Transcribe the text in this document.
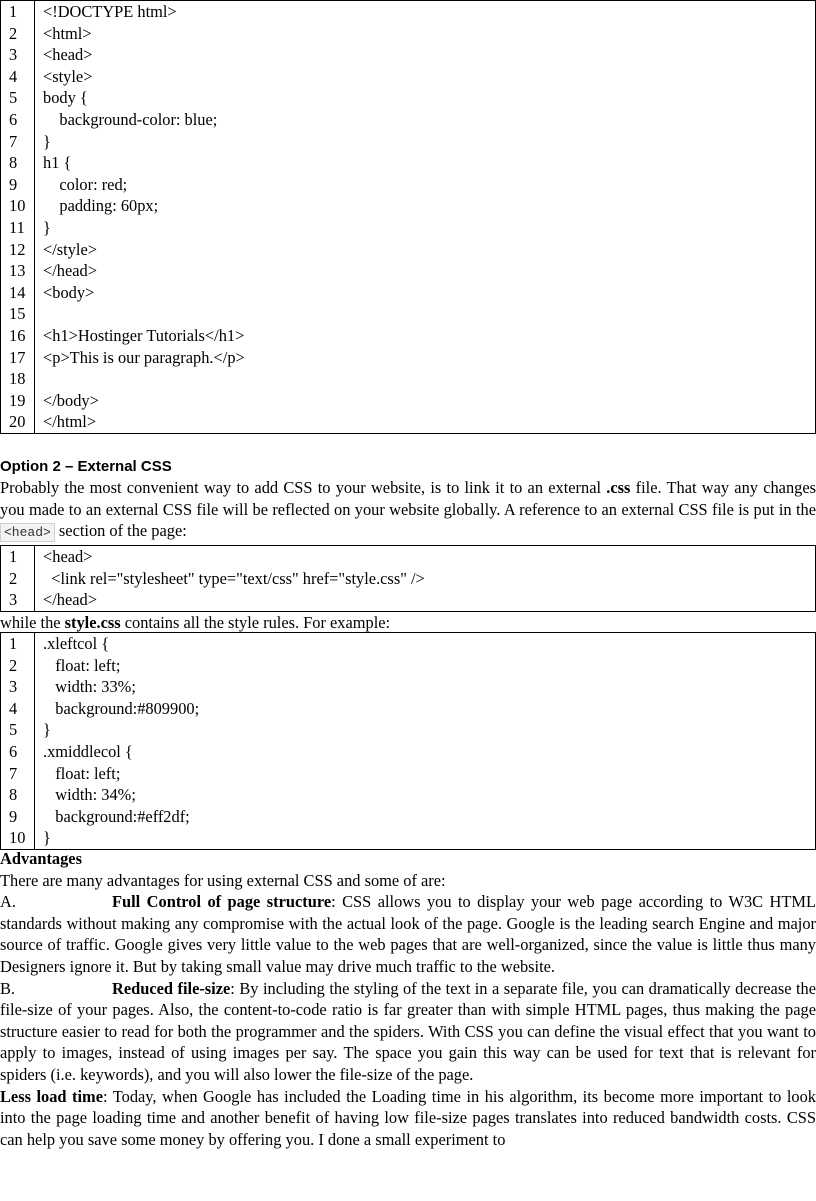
1	<!DOCTYPE html>
2	<html>
3	<head>
4	<style>
5	body {
6	background-color: blue;
7	}
8	h1 {
9	color: red;
10	padding: 60px;
11	}
12	</style>
13	</head>
14	<body>
15	
16	<h1>Hostinger Tutorials</h1>
17	<p>This is our paragraph.</p>
18	
19	</body>
20	</html>
Option 2 – External CSS
Probably the most convenient way to add CSS to your website, is to link it to an external .css file. That way any changes you made to an external CSS file will be reflected on your website globally. A reference to an external CSS file is put in the <head> section of the page:
1	<head>
2	<link rel="stylesheet" type="text/css" href="style.css" />
3	</head>
while the style.css contains all the style rules. For example:
1	.xleftcol {
2	float: left;
3	width: 33%;
4	background:#809900;
5	}
6	.xmiddlecol {
7	float: left;
8	width: 34%;
9	background:#eff2df;
10	}
Advantages
There are many advantages for using external CSS and some of are:
A.	Full Control of page structure: CSS allows you to display your web page according to W3C HTML standards without making any compromise with the actual look of the page. Google is the leading search Engine and major source of traffic. Google gives very little value to the web pages that are well-organized, since the value is little thus many Designers ignore it. But by taking small value may drive much traffic to the website.
B.	Reduced file-size: By including the styling of the text in a separate file, you can dramatically decrease the file-size of your pages. Also, the content-to-code ratio is far greater than with simple HTML pages, thus making the page structure easier to read for both the programmer and the spiders. With CSS you can define the visual effect that you want to apply to images, instead of using images per say. The space you gain this way can be used for text that is relevant for spiders (i.e. keywords), and you will also lower the file-size of the page.
Less load time: Today, when Google has included the Loading time in his algorithm, its become more important to look into the page loading time and another benefit of having low file-size pages translates into reduced bandwidth costs. CSS can help you save some money by offering you. I done a small experiment to
